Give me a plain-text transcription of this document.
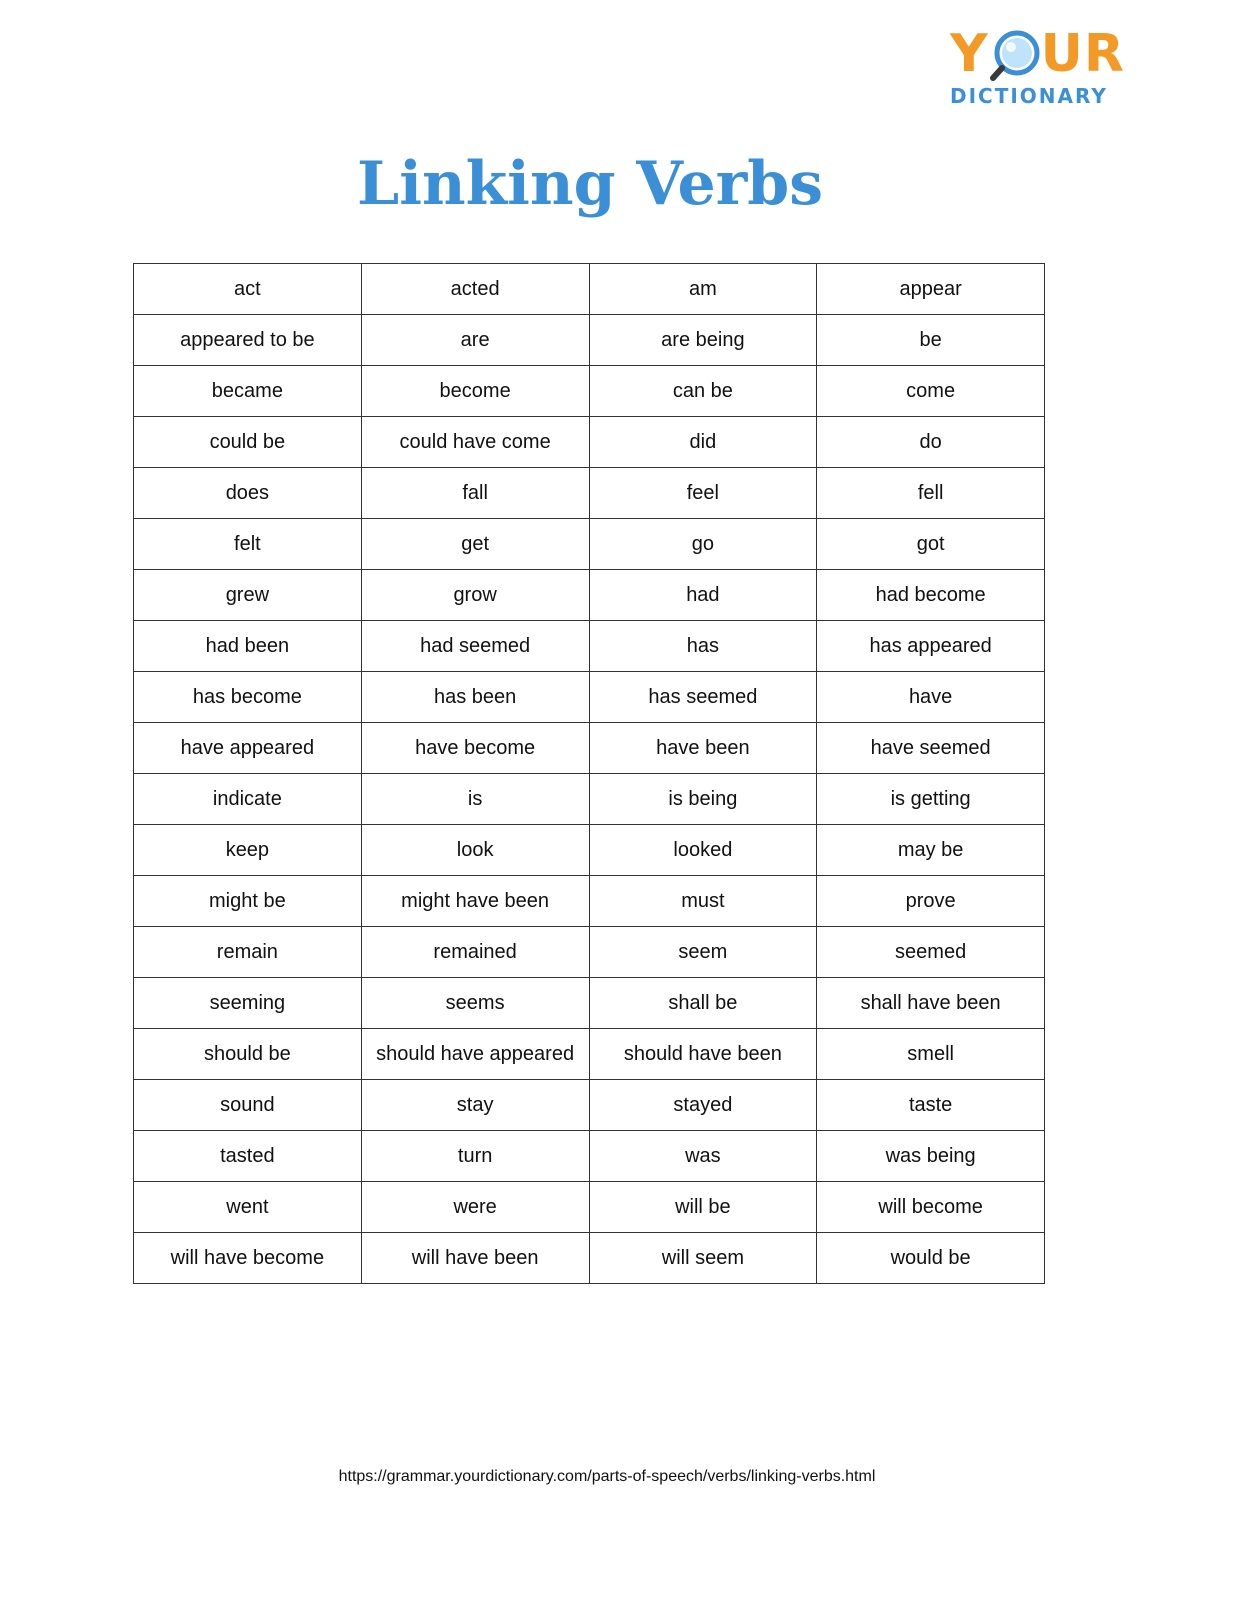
Y UR
DICTIONARY
Linking Verbs
act	acted	am	appear
appeared to be	are	are being	be
became	become	can be	come
could be	could have come	did	do
does	fall	feel	fell
felt	get	go	got
grew	grow	had	had become
had been	had seemed	has	has appeared
has become	has been	has seemed	have
have appeared	have become	have been	have seemed
indicate	is	is being	is getting
keep	look	looked	may be
might be	might have been	must	prove
remain	remained	seem	seemed
seeming	seems	shall be	shall have been
should be	should have appeared	should have been	smell
sound	stay	stayed	taste
tasted	turn	was	was being
went	were	will be	will become
will have become	will have been	will seem	would be
https://grammar.yourdictionary.com/parts-of-speech/verbs/linking-verbs.html
